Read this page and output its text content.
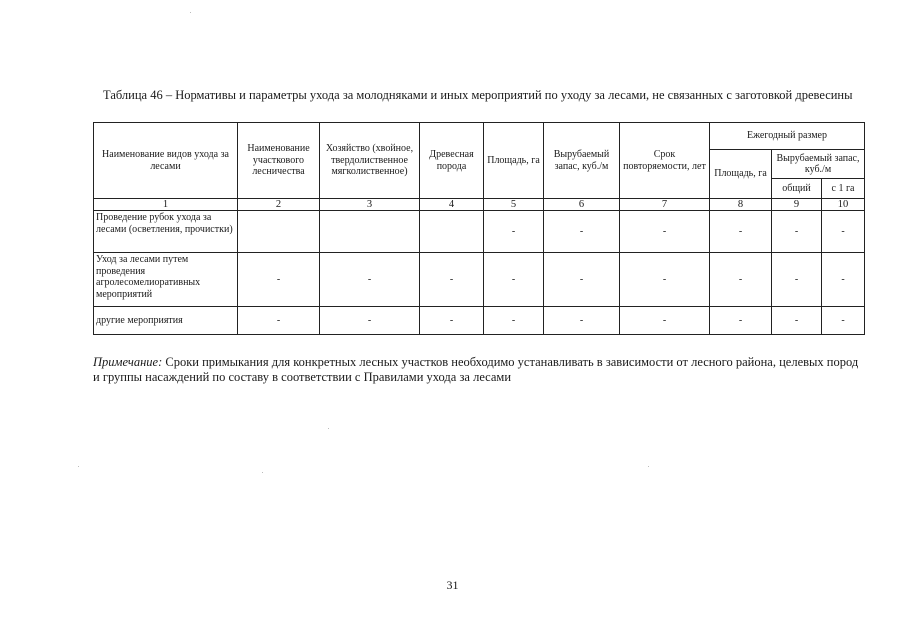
Таблица 46 – Нормативы и параметры ухода за молодняками и иных мероприятий по уходу за лесами, не связанных с заготовкой древесины
Наименование видов ухода за лесами	Наименование участкового лесничества	Хозяйство (хвойное, твердолиственное мягколиственное)	Древесная порода	Площадь, га	Вырубаемый запас, куб./м	Срок повторяемости, лет	Ежегодный размер		
							Площадь, га	Вырубаемый запас, куб./м	
								общий	с 1 га
1	2	3	4	5	6	7	8	9	10
Проведение рубок ухода за лесами (осветления, прочистки)				-	-	-	-	-	-
Уход за лесами путем проведения агролесомелиоративных мероприятий	-	-	-	-	-	-	-	-	-
другие мероприятия	-	-	-	-	-	-	-	-	-
Примечание: Сроки примыкания для конкретных лесных участков необходимо устанавливать в зависимости от лесного района, целевых пород и группы насаждений по составу в соответствии с Правилами ухода за лесами
31
